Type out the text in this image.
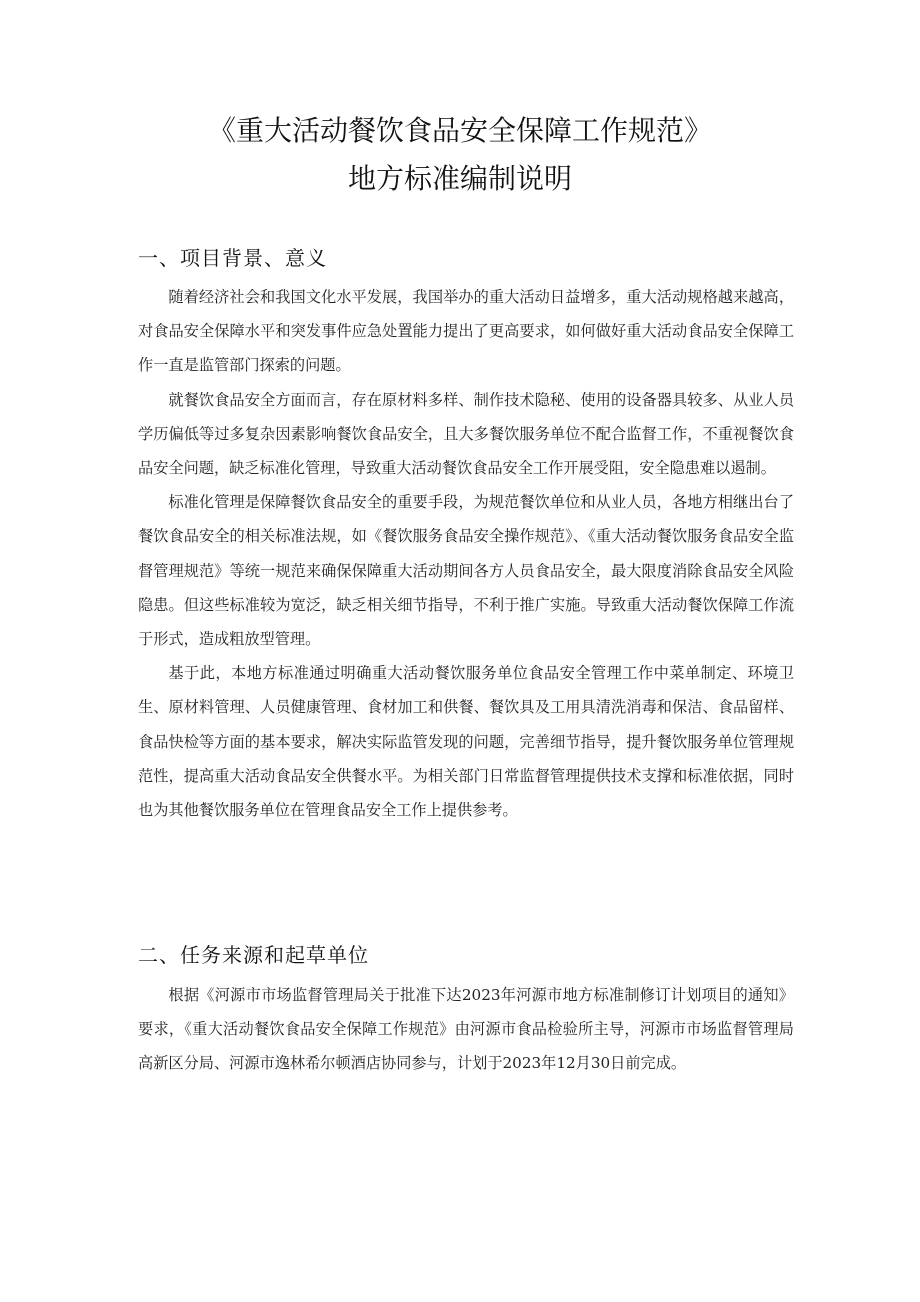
《重大活动餐饮食品安全保障工作规范》
地方标准编制说明
一、项目背景、意义

随着经济社会和我国文化水平发展，我国举办的重大活动日益增多，重大活动规格越来越高，对食品安全保障水平和突发事件应急处置能力提出了更高要求，如何做好重大活动食品安全保障工作一直是监管部门探索的问题。

就餐饮食品安全方面而言，存在原材料多样、制作技术隐秘、使用的设备器具较多、从业人员学历偏低等过多复杂因素影响餐饮食品安全，且大多餐饮服务单位不配合监督工作，不重视餐饮食品安全问题，缺乏标准化管理，导致重大活动餐饮食品安全工作开展受阻，安全隐患难以遏制。

标准化管理是保障餐饮食品安全的重要手段，为规范餐饮单位和从业人员，各地方相继出台了餐饮食品安全的相关标准法规，如《餐饮服务食品安全操作规范》、《重大活动餐饮服务食品安全监督管理规范》等统一规范来确保保障重大活动期间各方人员食品安全，最大限度消除食品安全风险隐患。但这些标准较为宽泛，缺乏相关细节指导，不利于推广实施。导致重大活动餐饮保障工作流于形式，造成粗放型管理。

基于此，本地方标准通过明确重大活动餐饮服务单位食品安全管理工作中菜单制定、环境卫生、原材料管理、人员健康管理、食材加工和供餐、餐饮具及工用具清洗消毒和保洁、食品留样、食品快检等方面的基本要求，解决实际监管发现的问题，完善细节指导，提升餐饮服务单位管理规范性，提高重大活动食品安全供餐水平。为相关部门日常监督管理提供技术支撑和标准依据，同时也为其他餐饮服务单位在管理食品安全工作上提供参考。

二、任务来源和起草单位

根据《河源市市场监督管理局关于批准下达2023年河源市地方标准制修订计划项目的通知》要求，《重大活动餐饮食品安全保障工作规范》由河源市食品检验所主导，河源市市场监督管理局高新区分局、河源市逸林希尔顿酒店协同参与，计划于2023年12月30日前完成。
